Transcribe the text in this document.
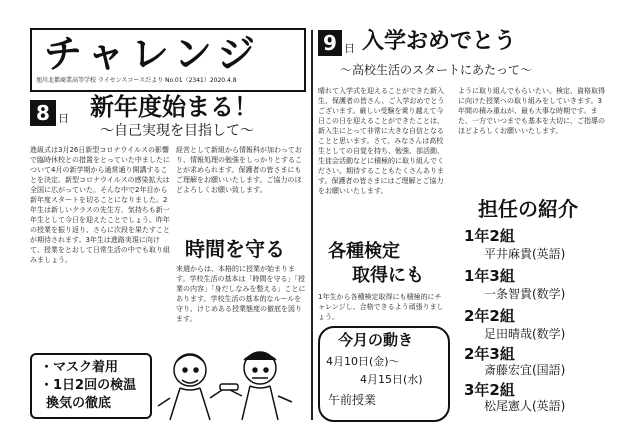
チャレンジ
旭川北都商業高等学校 ライセンスコースだより No.01（2341）2020.4.8
8 日 新年度始まる！
〜自己実現を目指して〜
進級式は3月26日新型コロナウイルスの影響で臨時休校との措置をとっていた中ましたについて4月の新学期から通常通り開講することを決定。新型コロナウイルスの感染拡大は全国に広がっていた。そんな中で2年目から新年度スタートを切ることになりました。2年生は新しいクラスの先生方、気持ちも新一年生として今日を迎えたことでしょう。昨年の授業を振り返り、さらに次段を果たすことが期待されます。3年生は進路実現に向けて、授業をとおして日常生活の中でも取り組みましょう。
経営として新組から情報科が加わっており、情報処理の勉強をしっかりとすることが求められます。保護者の皆さまにもご理解をお願いいたします。ご協力のほどよろしくお願い致します。
時間を守る
来週からは、本格的に授業が始まります。学校生活の基本は「時間を守る」「授業の内容」「身だしなみを整える」ことにあります。学校生活の基本的なルールを守り、けじめある授業態度の徹底を図ります。
・マスク着用
・1日2回の検温
換気の徹底
9 日 入学おめでとう
〜高校生活のスタートにあたって〜
晴れて入学式を迎えることができた新入生、保護者の皆さん、ご入学おめでとうございます。厳しい受験を乗り越えて今日この日を迎えることができたことは、新入生にとって非常に大きな自信となることと思います。さて、みなさんは高校生としての自覚を持ち、勉強、部活動、生徒会活動などに積極的に取り組んでください。期待することもたくさんあります。保護者の皆さまにはご理解とご協力をお願いいたします。
ように取り組んでもらいたい。検定、資格取得に向けた授業への取り組みをしていきます。3年間の積み重ねが、最も大事な時期です。また、一方でいつまでも基本を大切に、ご指導のほどよろしくお願いいたします。
各種検定
取得にも
1年生から各種検定取得にも積極的にチャレンジし、合格できるよう頑張りましょう。
今月の動き
4月10日(金)〜
4月15日(水)
午前授業
担任の紹介
1年2組
平井麻貴(英語)
1年3組
一条智貴(数学)
2年2組
足田晴哉(数学)
2年3組
斎藤宏宜(国語)
3年2組
松尾憲人(英語)
